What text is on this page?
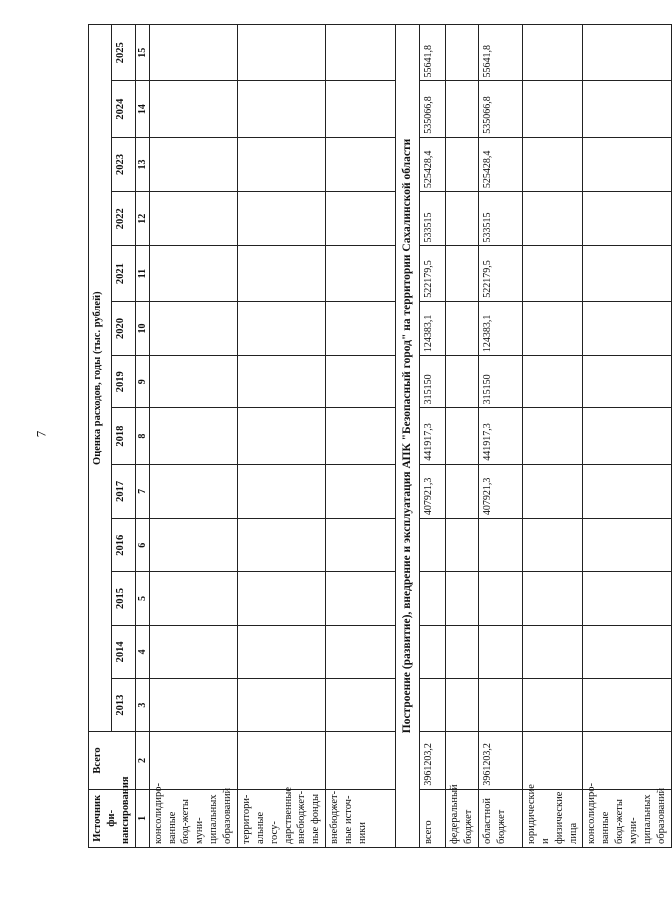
7
Источник фи-нансирования	Всего	Оценка расходов, годы (тыс. рублей)												
		2013	2014	2015	2016	2017	2018	2019	2020	2021	2022	2023	2024	2025
1	2	3	4	5	6	7	8	9	10	11	12	13	14	15
консолидиро-ванные бюд-жеты муни-ципальных образований														
территори-альные госу-дарственные внебюджет-ные фонды														
внебюджет-ные источ-ники														
Построение (развитие), внедрение и эксплуатация АПК "Безопасный город" на территории Сахалинской области														
всего	3961203,2					407921,3	441917,3	315150	124383,1	522179,5	533515	525428,4	535066,8	55641,8
федеральный бюджет														
областной бюджет	3961203,2					407921,3	441917,3	315150	124383,1	522179,5	533515	525428,4	535066,8	55641,8
юридические и физические лица														
консолидиро-ванные бюд-жеты муни-ципальных образований														
